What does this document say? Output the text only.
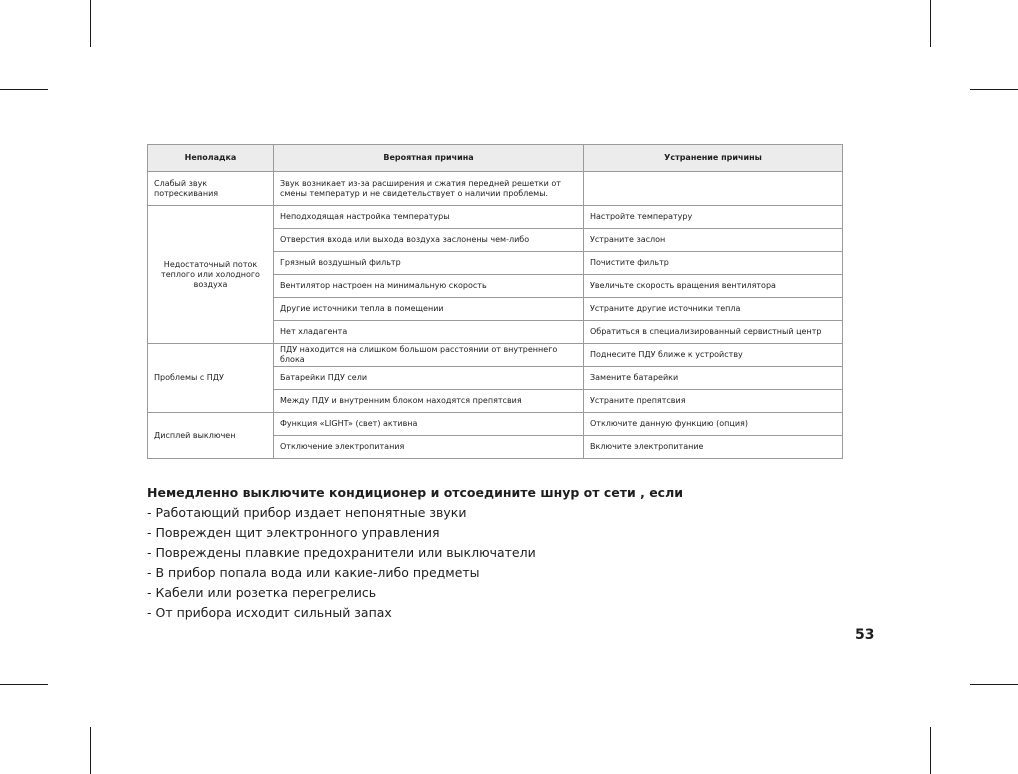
Неполадка	Вероятная причина	Устранение причины
Слабый звук потрескивания	Звук возникает из-за расширения и сжатия передней решетки от смены температур и не свидетельствует о наличии проблемы.	
Недостаточный поток теплого или холодного воздуха	Неподходящая настройка температуры	Настройте температуру
	Отверстия входа или выхода воздуха заслонены чем-либо	Устраните заслон
	Грязный воздушный фильтр	Почистите фильтр
	Вентилятор настроен на минимальную скорость	Увеличьте скорость вращения вентилятора
	Другие источники тепла в помещении	Устраните другие источники тепла
	Нет хладагента	Обратиться в специализированный сервистный центр
Проблемы с ПДУ	ПДУ находится на слишком большом расстоянии от внутреннего блока	Поднесите ПДУ ближе к устройству
	Батарейки ПДУ сели	Замените батарейки
	Между ПДУ и внутренним блоком находятся препятсвия	Устраните препятсвия
Дисплей выключен	Функция «LIGHT» (свет) активна	Отключите данную функцию (опция)
	Отключение электропитания	Включите электропитание
Немедленно выключите кондиционер и отсоедините шнур от сети , если
- Работающий прибор издает непонятные звуки
- Поврежден щит электронного управления
- Повреждены плавкие предохранители или выключатели
- В прибор попала вода или какие-либо предметы
- Кабели или розетка перегрелись
- От прибора исходит сильный запах
53
